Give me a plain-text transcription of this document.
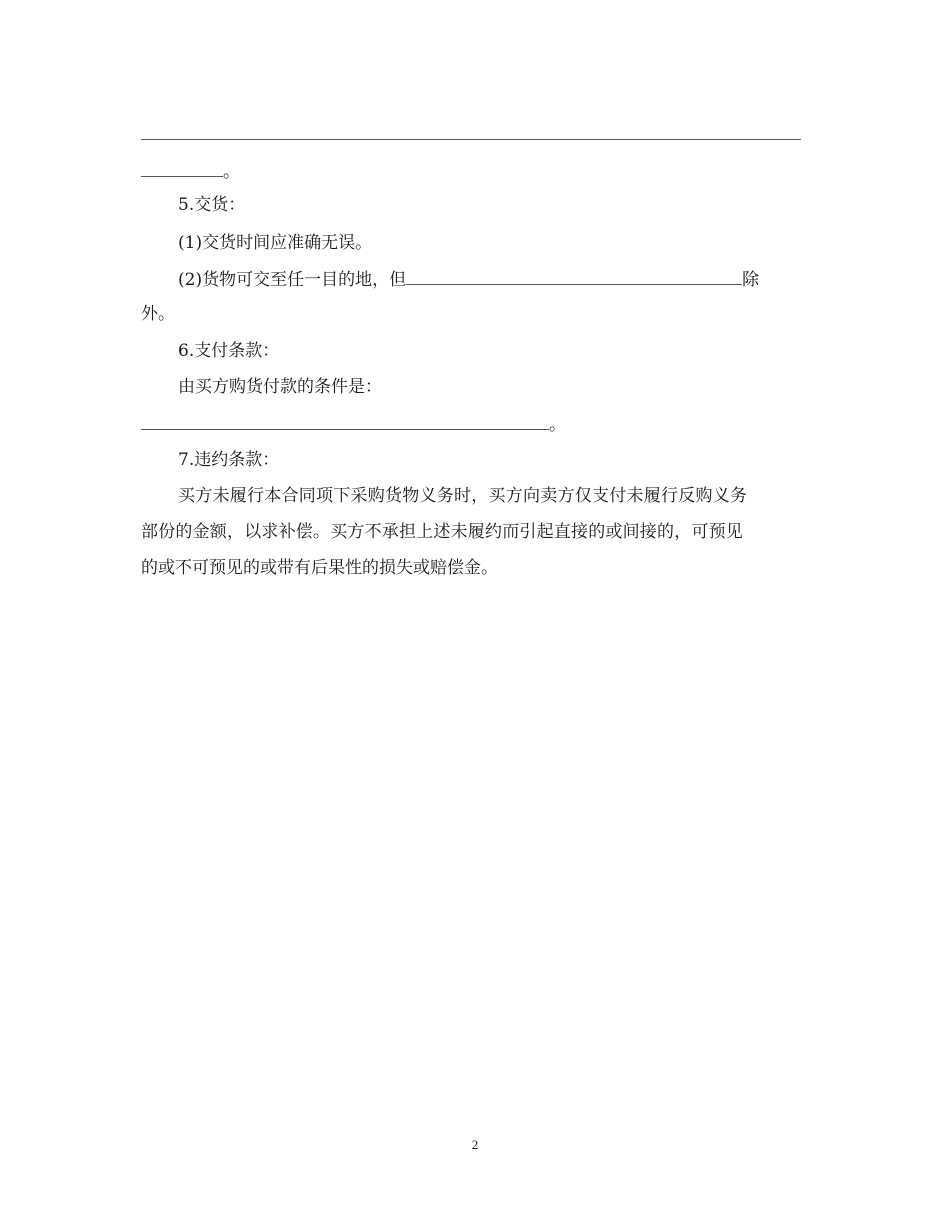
。
5.交货：
(1)交货时间应准确无误。
(2)货物可交至任一目的地，但	除
外。
6.支付条款：
由买方购货付款的条件是：
。
7.违约条款：
买方未履行本合同项下采购货物义务时，买方向卖方仅支付未履行反购义务
部份的金额，以求补偿。买方不承担上述未履约而引起直接的或间接的，可预见
的或不可预见的或带有后果性的损失或赔偿金。
2
